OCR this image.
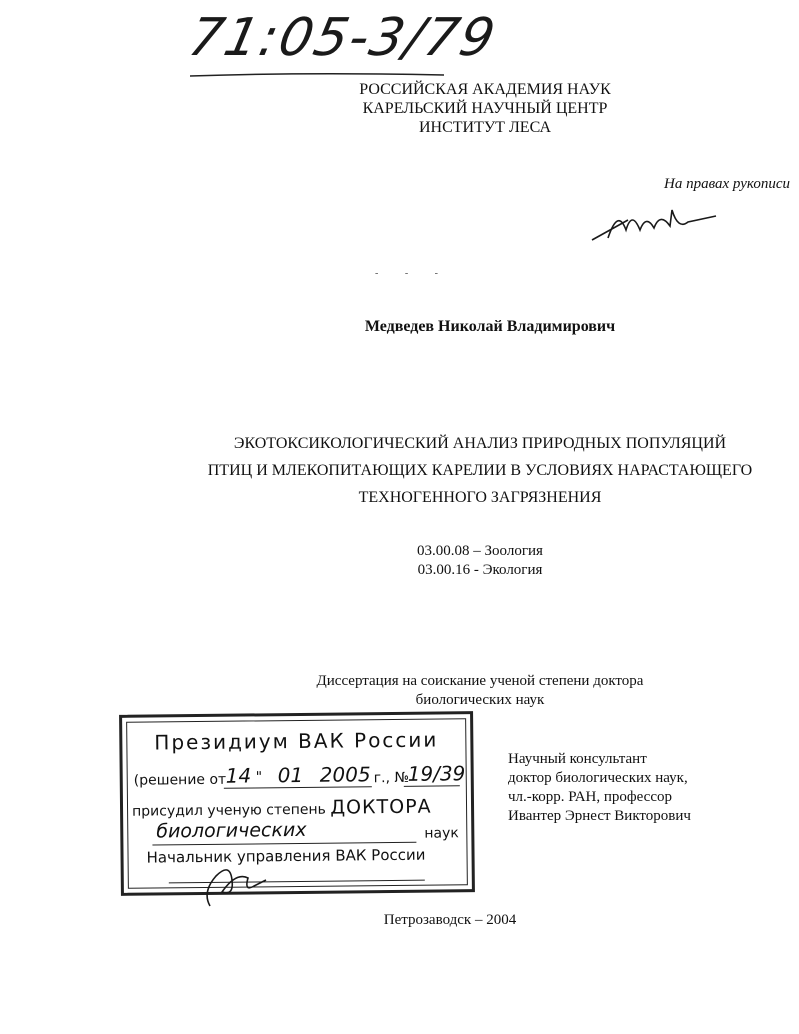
71:05-3/79
РОССИЙСКАЯ АКАДЕМИЯ НАУК
КАРЕЛЬСКИЙ НАУЧНЫЙ ЦЕНТР
ИНСТИТУТ ЛЕСА
На правах рукописи
- - -
Медведев Николай Владимирович
ЭКОТОКСИКОЛОГИЧЕСКИЙ АНАЛИЗ ПРИРОДНЫХ ПОПУЛЯЦИЙ
ПТИЦ И МЛЕКОПИТАЮЩИХ КАРЕЛИИ В УСЛОВИЯХ НАРАСТАЮЩЕГО
ТЕХНОГЕННОГО ЗАГРЯЗНЕНИЯ
03.00.08 – Зоология
03.00.16 - Экология
Диссертация на соискание ученой степени доктора
биологических наук
Президиум ВАК России
(решение от 14 " 01 2005 г., №
19/39
присудил ученую степень ДОКТОРА
биологических	наук
Начальник управления ВАК России
Научный консультант
доктор биологических наук,
чл.-корр. РАН, профессор
Ивантер Эрнест Викторович
Петрозаводск – 2004
